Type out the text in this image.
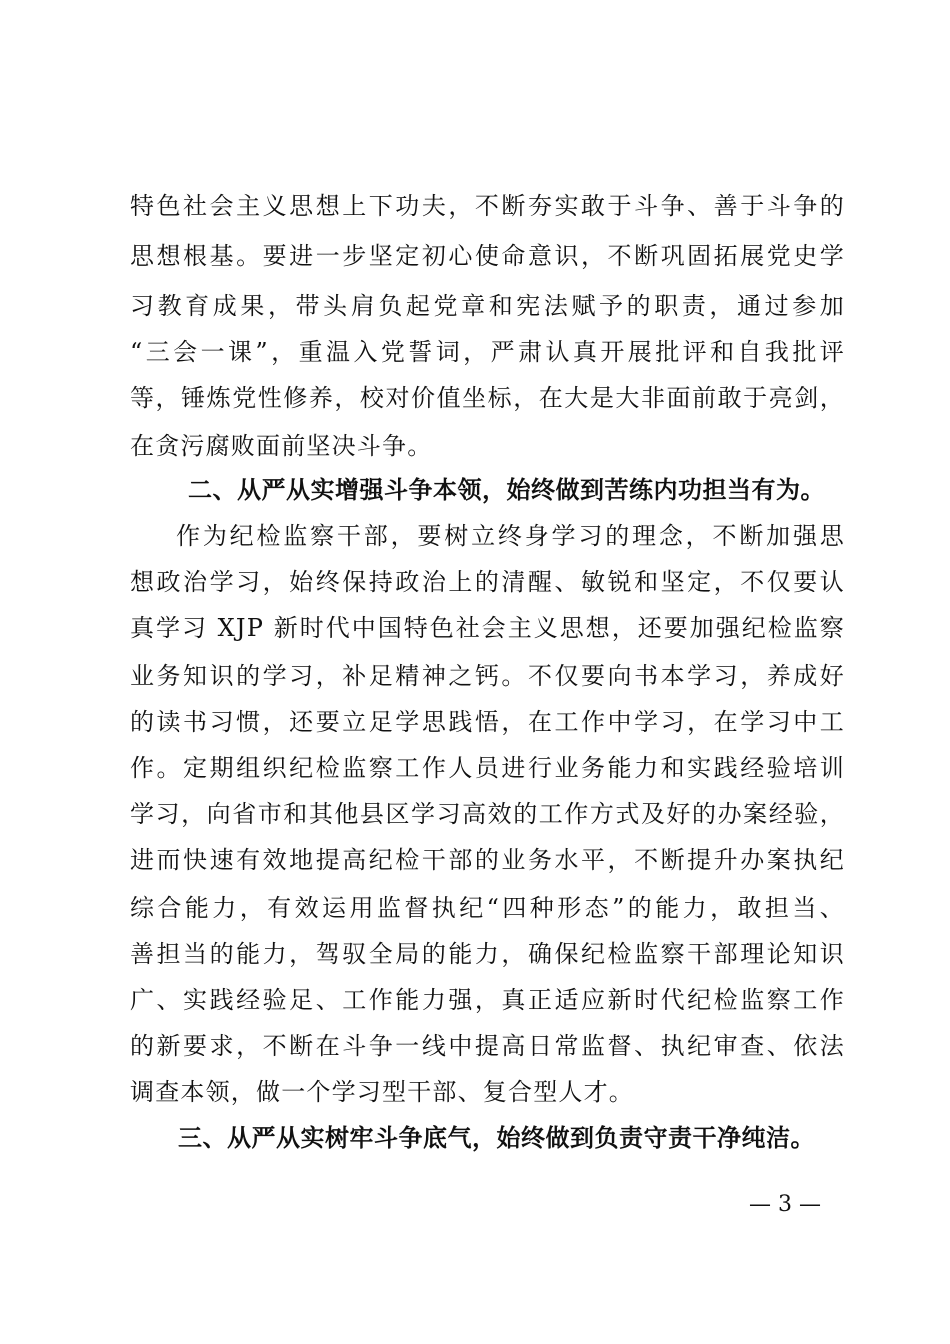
特色社会主义思想上下功夫，不断夯实敢于斗争、善于斗争的
思想根基。要进一步坚定初心使命意识，不断巩固拓展党史学
习教育成果，带头肩负起党章和宪法赋予的职责，通过参加
“三会一课”，重温入党誓词，严肃认真开展批评和自我批评
等，锤炼党性修养，校对价值坐标，在大是大非面前敢于亮剑，
在贪污腐败面前坚决斗争。
二、从严从实增强斗争本领，始终做到苦练内功担当有为。
作为纪检监察干部，要树立终身学习的理念，不断加强思
想政治学习，始终保持政治上的清醒、敏锐和坚定，不仅要认
真学习 XJP 新时代中国特色社会主义思想，还要加强纪检监察
业务知识的学习，补足精神之钙。不仅要向书本学习，养成好
的读书习惯，还要立足学思践悟，在工作中学习，在学习中工
作。定期组织纪检监察工作人员进行业务能力和实践经验培训
学习，向省市和其他县区学习高效的工作方式及好的办案经验，
进而快速有效地提高纪检干部的业务水平，不断提升办案执纪
综合能力，有效运用监督执纪“四种形态”的能力，敢担当、
善担当的能力，驾驭全局的能力，确保纪检监察干部理论知识
广、实践经验足、工作能力强，真正适应新时代纪检监察工作
的新要求，不断在斗争一线中提高日常监督、执纪审查、依法
调查本领，做一个学习型干部、复合型人才。
三、从严从实树牢斗争底气，始终做到负责守责干净纯洁。
— 3 —
